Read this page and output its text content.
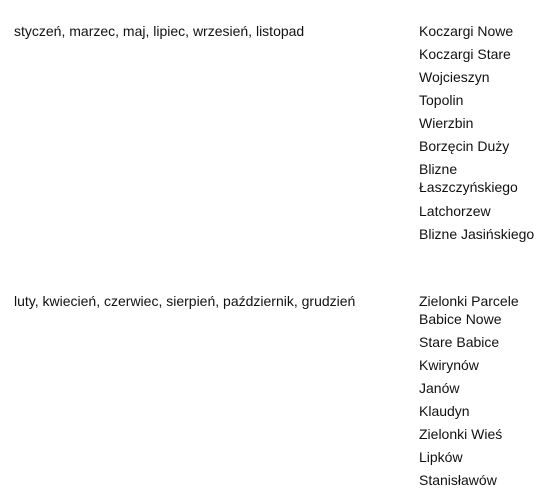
styczeń, marzec, maj, lipiec, wrzesień, listopad	Koczargi Nowe
Koczargi Stare
Wojcieszyn
Topolin
Wierzbin
Borzęcin Duży
Blizne Łaszczyńskiego
Latchorzew
Blizne Jasińskiego
luty, kwiecień, czerwiec, sierpień, październik, grudzień	Zielonki Parcele
Babice Nowe
Stare Babice
Kwirynów
Janów
Klaudyn
Zielonki Wieś
Lipków
Stanisławów
